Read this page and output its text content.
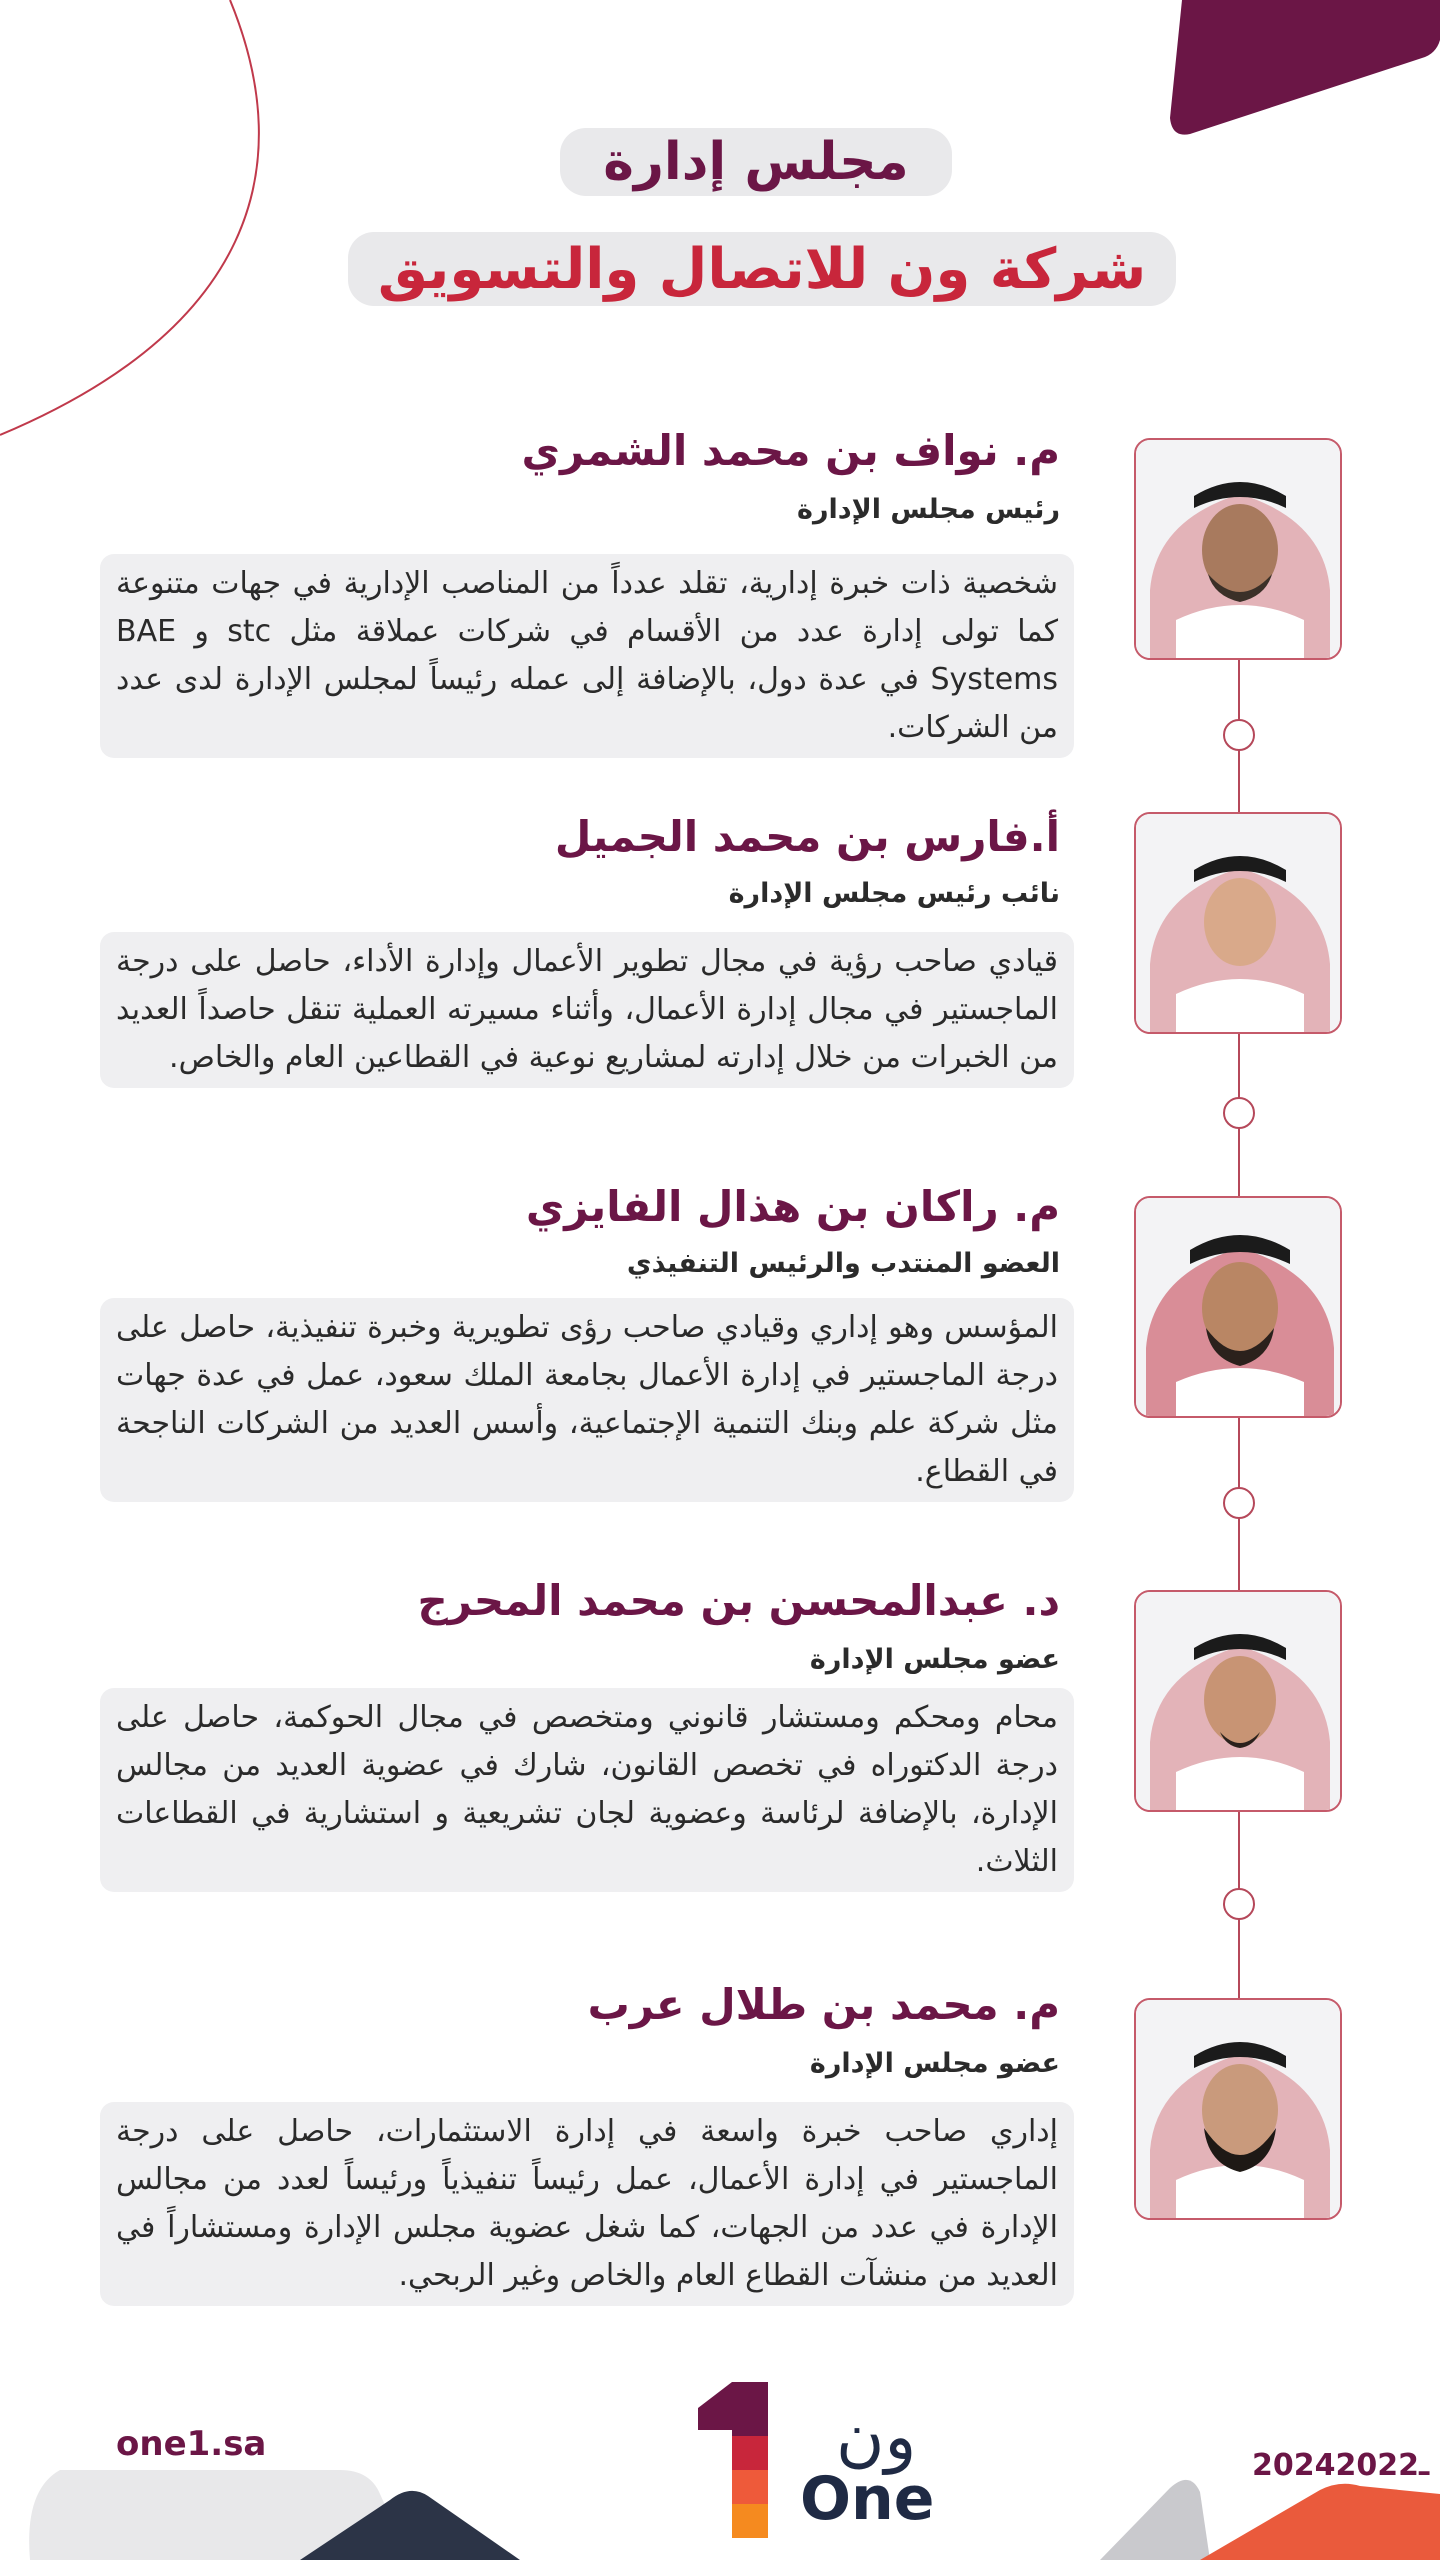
مجلس إدارة
شركة ون للاتصال والتسويق
م. نواف بن محمد الشمري
رئيس مجلس الإدارة
شخصية ذات خبرة إدارية، تقلد عدداً من المناصب الإدارية في جهات متنوعة كما تولى إدارة عدد من الأقسام في شركات عملاقة مثل stc و BAE Systems في عدة دول، بالإضافة إلى عمله رئيساً لمجلس الإدارة لدى عدد من الشركات.
أ.فارس بن محمد الجميل
نائب رئيس مجلس الإدارة
قيادي صاحب رؤية في مجال تطوير الأعمال وإدارة الأداء، حاصل على درجة الماجستير في مجال إدارة الأعمال، وأثناء مسيرته العملية تنقل حاصداً العديد من الخبرات من خلال إدارته لمشاريع نوعية في القطاعين العام والخاص.
م. راكان بن هذال الفايزي
العضو المنتدب والرئيس التنفيذي
المؤسس وهو إداري وقيادي صاحب رؤى تطويرية وخبرة تنفيذية، حاصل على درجة الماجستير في إدارة الأعمال بجامعة الملك سعود، عمل في عدة جهات مثل شركة علم وبنك التنمية الإجتماعية، وأسس العديد من الشركات الناجحة في القطاع.
د. عبدالمحسن بن محمد المحرج
عضو مجلس الإدارة
محام ومحكم ومستشار قانوني ومتخصص في مجال الحوكمة، حاصل على درجة الدكتوراه في تخصص القانون، شارك في عضوية العديد من مجالس الإدارة، بالإضافة لرئاسة وعضوية لجان تشريعية و استشارية في القطاعات الثلاث.
م. محمد بن طلال عرب
عضو مجلس الإدارة
إداري صاحب خبرة واسعة في إدارة الاستثمارات، حاصل على درجة الماجستير في إدارة الأعمال، عمل رئيساً تنفيذياً ورئيساً لعدد من مجالس الإدارة في عدد من الجهات، كما شغل عضوية مجلس الإدارة ومستشاراً في العديد من منشآت القطاع العام والخاص وغير الربحي.
one1.sa
2024ـ2022
ون
One
